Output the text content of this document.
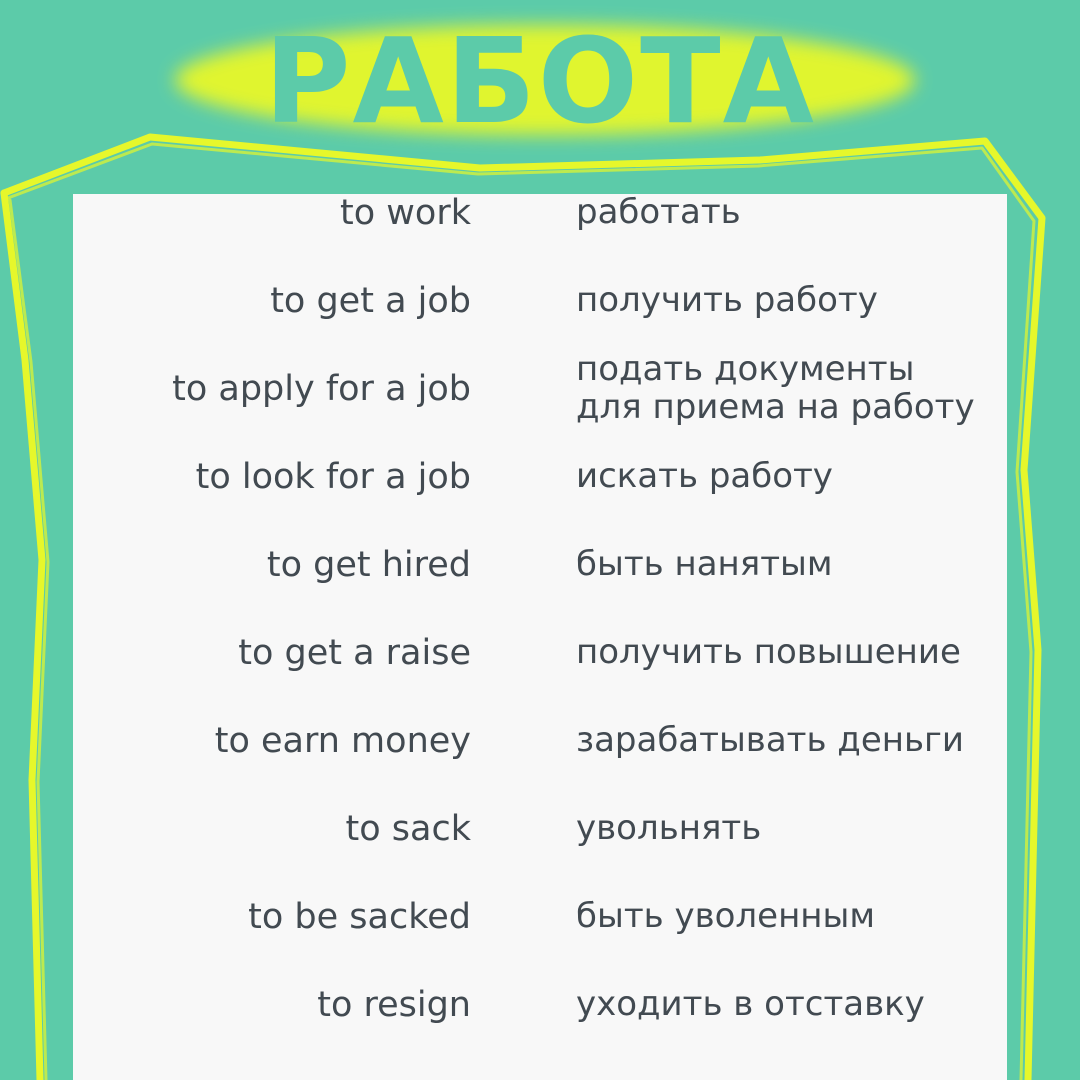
РАБОТА
to work	работать
to get a job	получить работу
to apply for a job	подать документы для приема на работу
to look for a job	искать работу
to get hired	быть нанятым
to get a raise	получить повышение
to earn money	зарабатывать деньги
to sack	увольнять
to be sacked	быть уволенным
to resign	уходить в отставку
